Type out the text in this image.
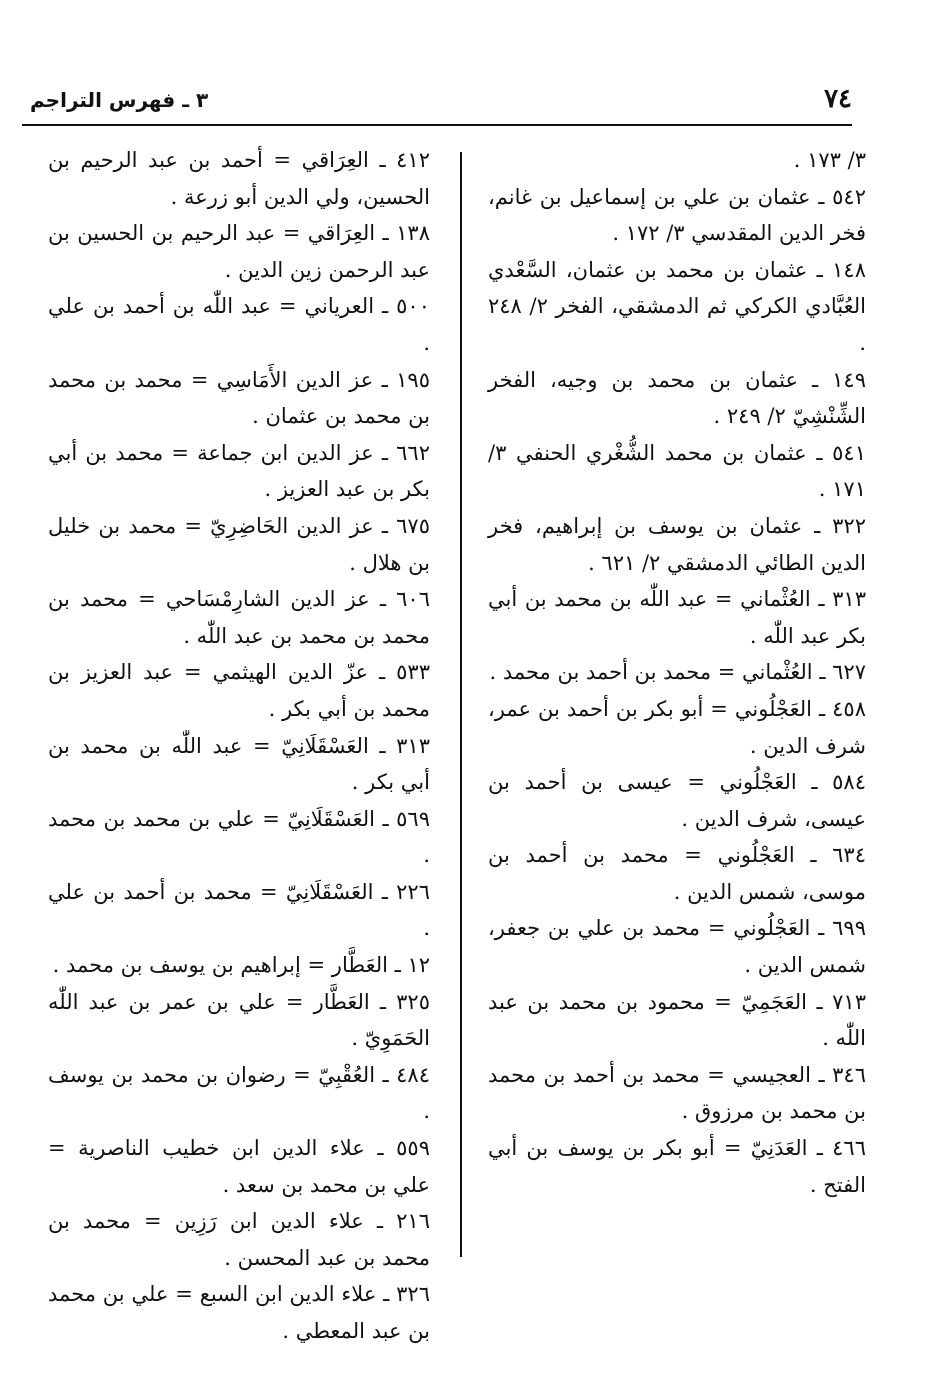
٧٤
٣ ـ فهرس التراجم

٣/ ١٧٣ .

٥٤٢ ـ عثمان بن علي بن إسماعيل بن غانم، فخر الدين المقدسي ٣/ ١٧٢ .

١٤٨ ـ عثمان بن محمد بن عثمان، السَّعْدي العُبَّادي الكركي ثم الدمشقي، الفخر ٢/ ٢٤٨ .

١٤٩ ـ عثمان بن محمد بن وجيه، الفخر الشِّنْشِيّ ٢/ ٢٤٩ .

٥٤١ ـ عثمان بن محمد الشُّغْري الحنفي ٣/ ١٧١ .

٣٢٢ ـ عثمان بن يوسف بن إبراهيم، فخر الدين الطائي الدمشقي ٢/ ٦٢١ .

٣١٣ ـ العُثْماني = عبد اللّٰه بن محمد بن أبي بكر عبد اللّٰه .

٦٢٧ ـ العُثْماني = محمد بن أحمد بن محمد .

٤٥٨ ـ العَجْلُوني = أبو بكر بن أحمد بن عمر، شرف الدين .

٥٨٤ ـ العَجْلُوني = عيسى بن أحمد بن عيسى، شرف الدين .

٦٣٤ ـ العَجْلُوني = محمد بن أحمد بن موسى، شمس الدين .

٦٩٩ ـ العَجْلُوني = محمد بن علي بن جعفر، شمس الدين .

٧١٣ ـ العَجَمِيّ = محمود بن محمد بن عبد اللّٰه .

٣٤٦ ـ العجيسي = محمد بن أحمد بن محمد بن محمد بن مرزوق .

٤٦٦ ـ العَدَنِيّ = أبو بكر بن يوسف بن أبي الفتح .

٤١٢ ـ العِرَاقي = أحمد بن عبد الرحيم بن الحسين، ولي الدين أبو زرعة .

١٣٨ ـ العِرَاقي = عبد الرحيم بن الحسين بن عبد الرحمن زين الدين .

٥٠٠ ـ العرياني = عبد اللّٰه بن أحمد بن علي .

١٩٥ ـ عز الدين الأَمَاسِي = محمد بن محمد بن محمد بن عثمان .

٦٦٢ ـ عز الدين ابن جماعة = محمد بن أبي بكر بن عبد العزيز .

٦٧٥ ـ عز الدين الحَاضِرِيّ = محمد بن خليل بن هلال .

٦٠٦ ـ عز الدين الشارِمْسَاحي = محمد بن محمد بن محمد بن عبد اللّٰه .

٥٣٣ ـ عزّ الدين الهيثمي = عبد العزيز بن محمد بن أبي بكر .

٣١٣ ـ العَسْقَلَانِيّ = عبد اللّٰه بن محمد بن أبي بكر .

٥٦٩ ـ العَسْقَلَانِيّ = علي بن محمد بن محمد .

٢٢٦ ـ العَسْقَلَانِيّ = محمد بن أحمد بن علي .

١٢ ـ العَطَّار = إبراهيم بن يوسف بن محمد .

٣٢٥ ـ العَطَّار = علي بن عمر بن عبد اللّٰه الحَمَوِيّ .

٤٨٤ ـ العُقْبِيّ = رضوان بن محمد بن يوسف .

٥٥٩ ـ علاء الدين ابن خطيب الناصرية = علي بن محمد بن سعد .

٢١٦ ـ علاء الدين ابن رَزِين = محمد بن محمد بن عبد المحسن .

٣٢٦ ـ علاء الدين ابن السبع = علي بن محمد بن عبد المعطي .
